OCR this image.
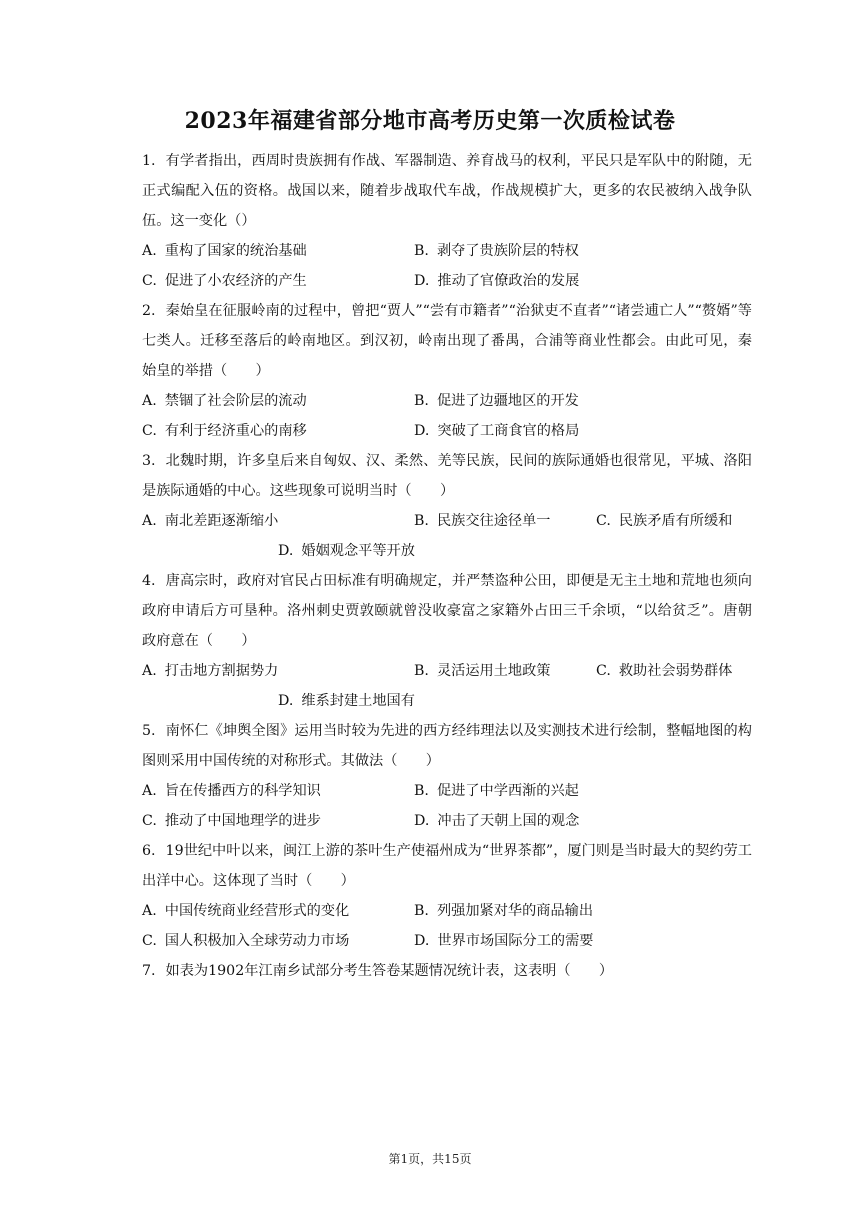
2023年福建省部分地市高考历史第一次质检试卷
1. 有学者指出，西周时贵族拥有作战、军器制造、养育战马的权利，平民只是军队中的附随，无正式编配入伍的资格。战国以来，随着步战取代车战，作战规模扩大，更多的农民被纳入战争队伍。这一变化（）
A. 重构了国家的统治基础	B. 剥夺了贵族阶层的特权
C. 促进了小农经济的产生	D. 推动了官僚政治的发展
2. 秦始皇在征服岭南的过程中，曾把“贾人”“尝有市籍者”“治狱吏不直者”“诸尝逋亡人”“赘婿”等七类人。迁移至落后的岭南地区。到汉初，岭南出现了番禺，合浦等商业性都会。由此可见，秦始皇的举措（　　）
A. 禁锢了社会阶层的流动	B. 促进了边疆地区的开发
C. 有利于经济重心的南移	D. 突破了工商食官的格局
3. 北魏时期，许多皇后来自匈奴、汉、柔然、羌等民族，民间的族际通婚也很常见，平城、洛阳是族际通婚的中心。这些现象可说明当时（　　）
A. 南北差距逐渐缩小	B. 民族交往途径单一	C. 民族矛盾有所缓和
D. 婚姻观念平等开放
4. 唐高宗时，政府对官民占田标准有明确规定，并严禁盗种公田，即便是无主土地和荒地也须向政府申请后方可垦种。洛州刺史贾敦颐就曾没收豪富之家籍外占田三千余顷，“以给贫乏”。唐朝政府意在（　　）
A. 打击地方割据势力	B. 灵活运用土地政策	C. 救助社会弱势群体
D. 维系封建土地国有
5. 南怀仁《坤舆全图》运用当时较为先进的西方经纬理法以及实测技术进行绘制，整幅地图的构图则采用中国传统的对称形式。其做法（　　）
A. 旨在传播西方的科学知识	B. 促进了中学西渐的兴起
C. 推动了中国地理学的进步	D. 冲击了天朝上国的观念
6. 19世纪中叶以来，闽江上游的茶叶生产使福州成为“世界茶都”，厦门则是当时最大的契约劳工出洋中心。这体现了当时（　　）
A. 中国传统商业经营形式的变化	B. 列强加紧对华的商品输出
C. 国人积极加入全球劳动力市场	D. 世界市场国际分工的需要
7. 如表为1902年江南乡试部分考生答卷某题情况统计表，这表明（　　）
第1页，共15页
